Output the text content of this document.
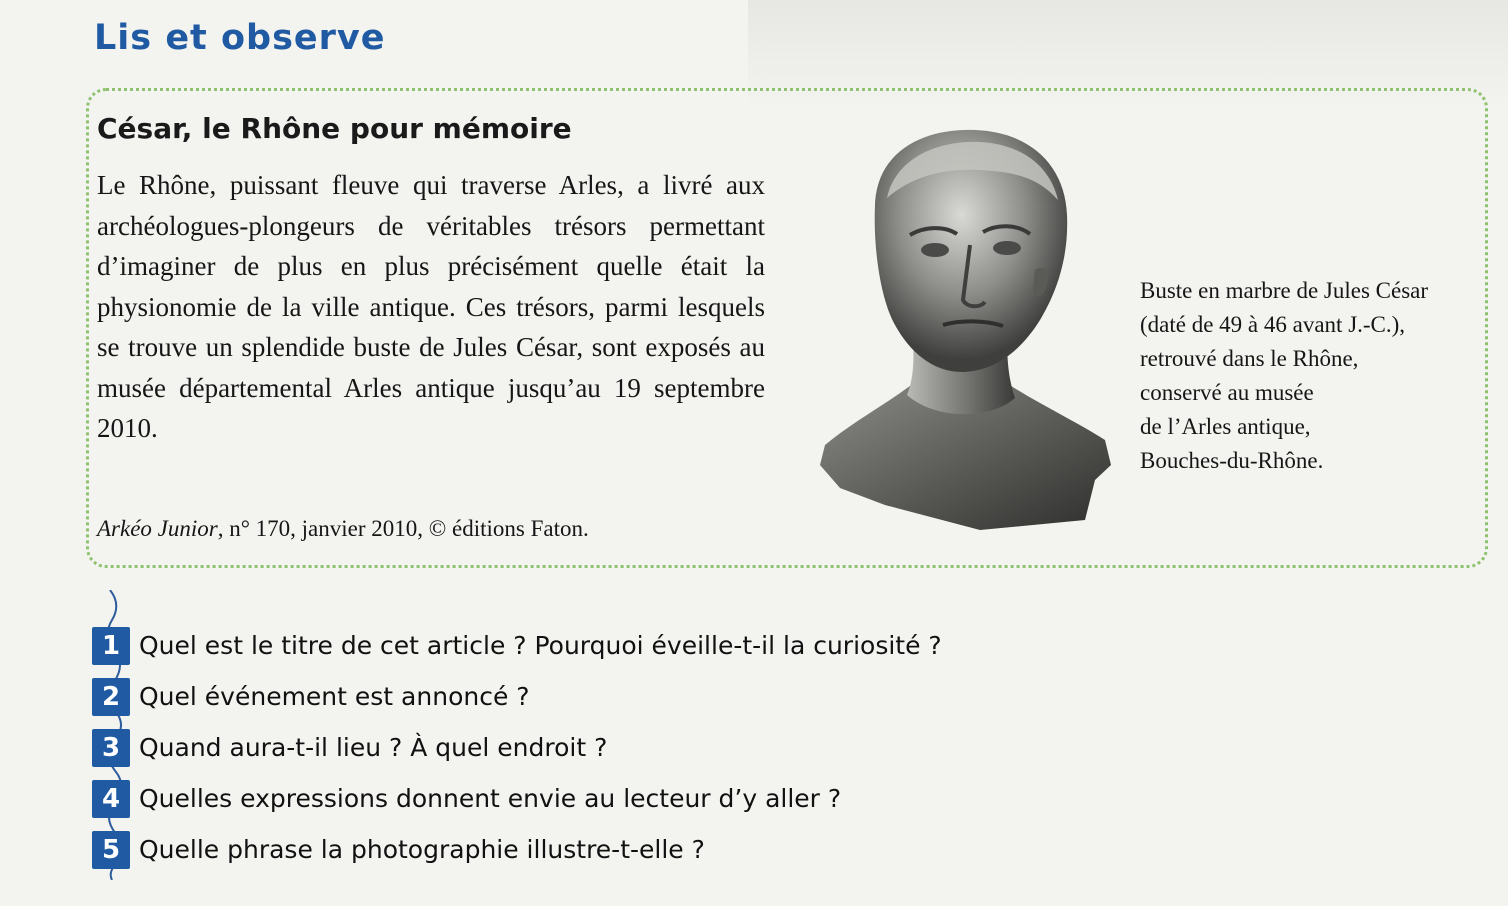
Lis et observe
César, le Rhône pour mémoire

Le Rhône, puissant fleuve qui traverse Arles, a livré aux archéologues-plongeurs de véritables trésors permettant d’imaginer de plus en plus précisément quelle était la physionomie de la ville antique. Ces trésors, parmi lesquels se trouve un splendide buste de Jules César, sont exposés au musée départemental Arles antique jusqu’au 19 septembre 2010.

Arkéo Junior, n° 170, janvier 2010, © éditions Faton.

Buste en marbre de Jules César
(daté de 49 à 46 avant J.-C.),
retrouvé dans le Rhône,
conservé au musée
de l’Arles antique,
Bouches-du-Rhône.
1 Quel est le titre de cet article ? Pourquoi éveille-t-il la curiosité ?
2 Quel événement est annoncé ?
3 Quand aura-t-il lieu ? À quel endroit ?
4 Quelles expressions donnent envie au lecteur d’y aller ?
5 Quelle phrase la photographie illustre-t-elle ?
